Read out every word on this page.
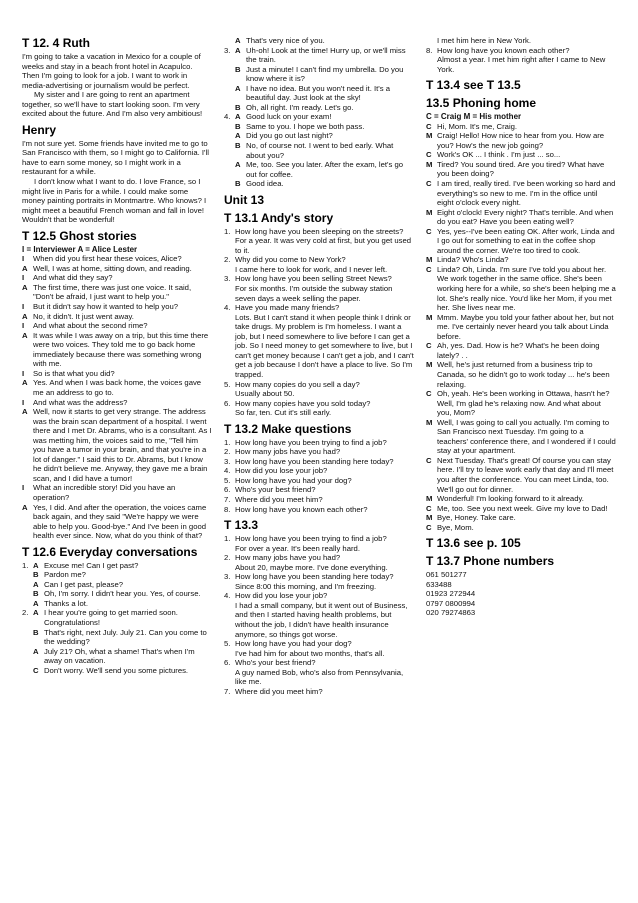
T 12. 4 Ruth

I'm going to take a vacation in Mexico for a couple of weeks and stay in a beach front hotel in Acapulco. Then I'm going to look for a job. I want to work in media-advertising or journalism would be perfect.

My sister and I are going to rent an apartment together, so we'll have to start looking soon. I'm very excited about the future. And I'm also very ambitious!

Henry

I'm not sure yet. Some friends have invited me to go to San Francisco with them, so I might go to California. I'll have to earn some money, so I might work in a restaurant for a while.

I don't know what I want to do. I love France, so I might live in Paris for a while. I could make some money painting portraits in Montmartre. Who knows? I might meet a beautiful French woman and fall in love! Wouldn't that be wonderful!

T 12.5 Ghost stories

I = Interviewer A = Alice Lester

I	When did you first hear these voices, Alice?
A Well, I was at home, sitting down, and reading.
I	And what did they say?
A The first time, there was just one voice. It said, "Don't be afraid, I just want to help you."
I	But it didn't say how it wanted to help you?
A No, it didn't. It just went away.
I	And what about the second rime?
A It was while I was away on a trip, but this time there were two voices. They told me to go back home immediately because there was something wrong with me.
I	So is that what you did?
A Yes. And when I was back home, the voices gave me an address to go to.
I	And what was the address?
A Well, now it starts to get very strange. The address was the brain scan department of a hospital. I went there and I met Dr. Abrams, who is a consultant. As I was metting him, the voices said to me, "Tell him you have a tumor in your brain, and that you're in a lot of danger." I said this to Dr. Abrams, but I know he didn't believe me. Anyway, they gave me a brain scan, and I did have a tumor!
I	What an incredible story! Did you have an operation?
A Yes, I did. And after the operation, the voices came back again, and they said "We're happy we were able to help you. Good-bye." And I've been in good health ever since. Now, what do you think of that?
T 12.6 Everyday conversations
1. A Excuse me! Can I get past?
B Pardon me?
A Can I get past, please?
B Oh, I'm sorry. I didn't hear you. Yes, of course.
A Thanks a lot.
2. A I hear you're going to get married soon. Congratulations!
B That's right, next July. July 21. Can you come to the wedding?
A July 21? Oh, what a shame! That's when I'm away on vacation.
C Don't worry. We'll send you some pictures.
A That's very nice of you.
3. A Uh-oh! Look at the time! Hurry up, or we'll miss the train.
B Just a minute! I can't find my umbrella. Do you know where it is?
A I have no idea. But you won't need it. It's a beautiful day. Just look at the sky!
B Oh, all right. I'm ready. Let's go.
4. A Good luck on your exam!
B Same to you. I hope we both pass.
A Did you go out last night?
B No, of course not. I went to bed early. What about you?
A Me, too. See you later. After the exam, let's go out for coffee.
B Good idea.
Unit 13
T 13.1 Andy's story
1. How long have you been sleeping on the streets?
For a year. It was very cold at first, but you get used to it.
2. Why did you come to New York?
I came here to look for work, and I never left.
3. How long have you been selling Street News?
For six months. I'm outside the subway station seven days a week selling the paper.
4. Have you made many friends?
Lots. But I can't stand it when people think I drink or take drugs. My problem is I'm homeless. I want a job, but I need somewhere to live before I can get a job. So I need money to get somewhere to live, but I can't get money because I can't get a job, and I can't get a job because I don't have a place to live. So I'm trapped.
5. How many copies do you sell a day?
Usually about 50.
6. How many copies have you sold today?
So far, ten. Cut it's still early.
T 13.2 Make questions
1. How long have you been trying to find a job?
2. How many jobs have you had?
3. How long have you been standing here today?
4. How did you lose your job?
5. How long have you had your dog?
6. Who's your best friend?
7. Where did you meet him?
8. How long have you known each other?
T 13.3
1. How long have you been trying to find a job?
For over a year. It's been really hard.
2. How many jobs have you had?
About 20, maybe more. I've done everything.
3. How long have you been standing here today?
Since 8:00 this morning, and I'm freezing.
4. How did you lose your job?
I had a small company, but it went out of Business, and then I started having health problems, but without the job, I didn't have health insurance anymore, so things got worse.
5. How long have you had your dog?
I've had him for about two months, that's all.
6. Who's your best friend?
A guy named Bob, who's also from Pennsylvania, like me.
7. Where did you meet him?

I met him here in New York.

8. How long have you known each other?
Almost a year. I met him right after I came to New York.
T 13.4 see T 13.5
13.5 Phoning home

C = Craig M = His mother

C Hi, Mom. It's me, Craig.
M Craig! Hello! How nice to hear from you. How are you? How's the new job going?
C Work's OK ... I think . I'm just ... so...
M Tired? You sound tired. Are you tired? What have you been doing?
C I am tired, really tired. I've been working so hard and everything's so new to me. I'm in the office until eight o'clock every night.
M Eight o'clock! Every night? That's terrible. And when do you eat? Have you been eating well?
C Yes, yes--I've been eating OK. After work, Linda and I go out for something to eat in the coffee shop around the corner. We're too tired to cook.
M Linda? Who's Linda?
C Linda? Oh, Linda. I'm sure I've told you about her. We work together in the same office. She's been working here for a while, so she's been helping me a lot. She's really nice. You'd like her Mom, if you met her. She lives near me.
M Mmm. Maybe you told your father about her, but not me. I've certainly never heard you talk about Linda before.
C Ah, yes. Dad. How is he? What's he been doing lately? . .
M Well, he's just returned from a business trip to Canada, so he didn't go to work today ... he's been relaxing.
C Oh, yeah. He's been working in Ottawa, hasn't he? Well, I'm glad he's relaxing now. And what about you, Mom?
M Well, I was going to call you actually. I'm coming to San Francisco next Tuesday. I'm going to a teachers' conference there, and I wondered if I could stay at your apartment.
C Next Tuesday. That's great! Of course you can stay here. I'll try to leave work early that day and I'll meet you after the conference. You can meet Linda, too. We'll go out for dinner.
M Wonderful! I'm looking forward to it already.
C Me, too. See you next week. Give my love to Dad!
M Bye, Honey. Take care.
C Bye, Mom.
T 13.6 see p. 105
T 13.7 Phone numbers

061 501277

633488

01923 272944

0797 0800994

020 79274863
